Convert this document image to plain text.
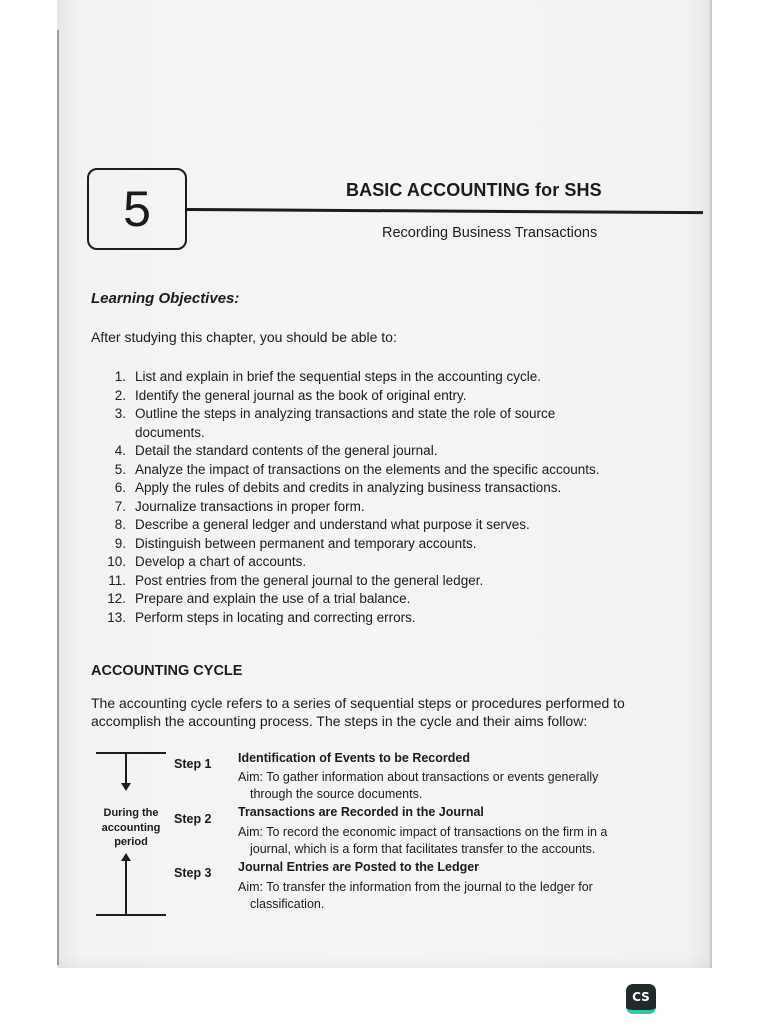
5	BASIC ACCOUNTING for SHS
Recording Business Transactions
Learning Objectives:
After studying this chapter, you should be able to:
1. List and explain in brief the sequential steps in the accounting cycle.
2. Identify the general journal as the book of original entry.
3. Outline the steps in analyzing transactions and state the role of source documents.
4. Detail the standard contents of the general journal.
5. Analyze the impact of transactions on the elements and the specific accounts.
6. Apply the rules of debits and credits in analyzing business transactions.
7. Journalize transactions in proper form.
8. Describe a general ledger and understand what purpose it serves.
9. Distinguish between permanent and temporary accounts.
10. Develop a chart of accounts.
11. Post entries from the general journal to the general ledger.
12. Prepare and explain the use of a trial balance.
13. Perform steps in locating and correcting errors.
ACCOUNTING CYCLE
The accounting cycle refers to a series of sequential steps or procedures performed to accomplish the accounting process. The steps in the cycle and their aims follow:
During the
accounting
period
Step 1 Identification of Events to be Recorded
Aim: To gather information about transactions or events generally
through the source documents.
Step 2 Transactions are Recorded in the Journal
Aim: To record the economic impact of transactions on the firm in a
journal, which is a form that facilitates transfer to the accounts.
Step 3 Journal Entries are Posted to the Ledger
Aim: To transfer the information from the journal to the ledger for
classification.
CS
